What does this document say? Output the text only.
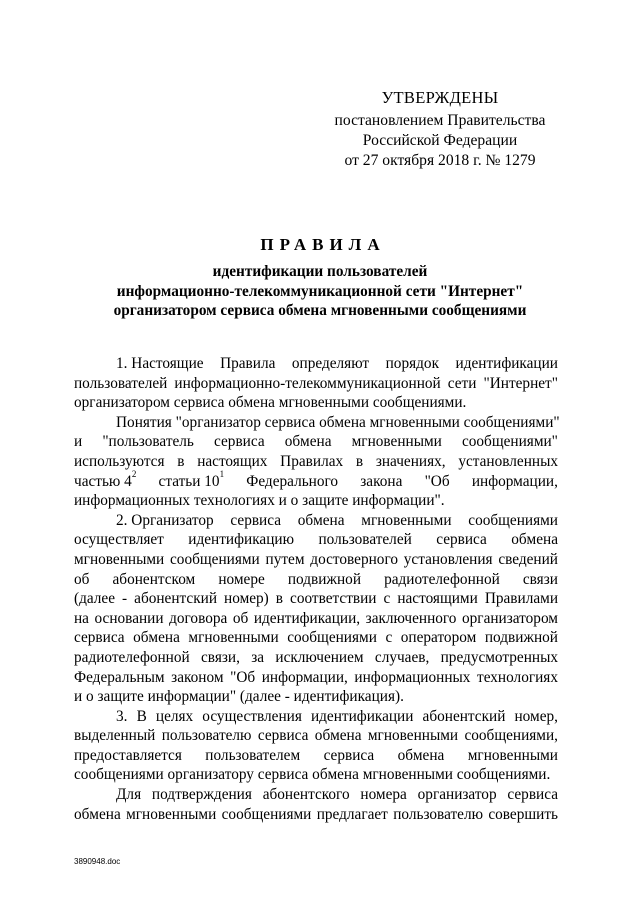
УТВЕРЖДЕНЫ
постановлением Правительства
Российской Федерации
от 27 октября 2018 г. № 1279
ПРАВИЛА
идентификации пользователей
информационно-телекоммуникационной сети "Интернет"
организатором сервиса обмена мгновенными сообщениями
1. Настоящие Правила определяют порядок идентификации
пользователей информационно-телекоммуникационной сети "Интернет"
организатором сервиса обмена мгновенными сообщениями.
Понятия "организатор сервиса обмена мгновенными сообщениями"
и "пользователь сервиса обмена мгновенными сообщениями"
используются в настоящих Правилах в значениях, установленных
частью $4^2$ статьи $10^1$ Федерального закона "Об информации,
информационных технологиях и о защите информации".
2. Организатор сервиса обмена мгновенными сообщениями
осуществляет идентификацию пользователей сервиса обмена
мгновенными сообщениями путем достоверного установления сведений
об абонентском номере подвижной радиотелефонной связи
(далее - абонентский номер) в соответствии с настоящими Правилами
на основании договора об идентификации, заключенного организатором
сервиса обмена мгновенными сообщениями с оператором подвижной
радиотелефонной связи, за исключением случаев, предусмотренных
Федеральным законом "Об информации, информационных технологиях
и о защите информации" (далее - идентификация).
3. В целях осуществления идентификации абонентский номер,
выделенный пользователю сервиса обмена мгновенными сообщениями,
предоставляется пользователем сервиса обмена мгновенными
сообщениями организатору сервиса обмена мгновенными сообщениями.
Для подтверждения абонентского номера организатор сервиса
обмена мгновенными сообщениями предлагает пользователю совершить
3890948.doc
